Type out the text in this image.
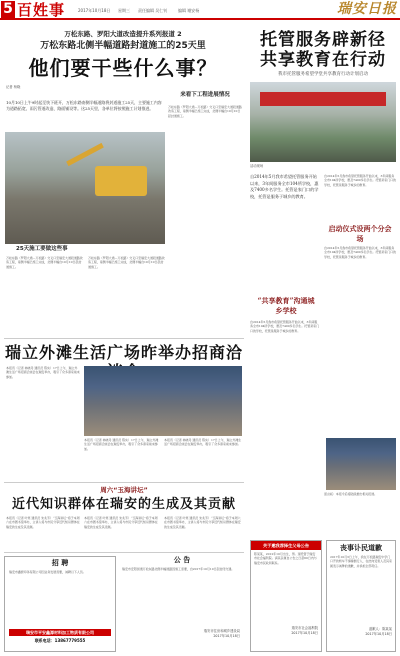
5 百姓事	2017年10月18日 星期三 责任编辑 吴仁钊	编辑 谢安杨	瑞安日报
万松东路、罗阳大道改造提升系列报道 2
万松东路北侧半幅道路封道施工的25天里
他们要干些什么事？
记者 杨晓
10月10日上午9时起至快下班开，万松东路南侧半幅道路将封道施工25天，主要施工内容为道路拓宽、雨污管道改造、路面铺设等。这25天里，各单位将按照施工计划推进。
25天施工要做这些事
万松东路（罗阳大道—万松路）交叉口至瑞安大道段道路改造工程，南侧半幅已施工完成，北侧半幅自10月10日起封道施工。
万松东路（罗阳大道—万松路）交叉口至瑞安大道段道路改造工程，南侧半幅已施工完成，北侧半幅自10月10日起封道施工。
来看下工程进展情况
万松东路（罗阳大道—万松路）交叉口至瑞安大道段道路改造工程，南侧半幅已施工完成，北侧半幅自10月10日起封道施工。
瑞立外滩生活广场昨举办招商洽
本报讯（记者 林晓丹 通讯员 陈实）17日上午，瑞立外滩生活广场招商洽谈会在瑞安举办，吸引了众多商家前来参加。
本报讯（记者 林晓丹 通讯员 陈实）17日上午，瑞立外滩生活广场招商洽谈会在瑞安举办，吸引了众多商家前来参加。
本报讯（记者 林晓丹 通讯员 陈实）17日上午，瑞立外滩生活广场招商洽谈会在瑞安举办，吸引了众多商家前来参加。
周六“玉海讲坛”
近代知识群体在瑞安的生成及其贡献
本报讯（记者 叶寒 通讯员 朱兆芳）“玉海讲坛”将于本周六在市图书馆举办，主讲人将与市民分享近代知识群体在瑞安的生成及其贡献。
本报讯（记者 叶寒 通讯员 朱兆芳）“玉海讲坛”将于本周六在市图书馆举办，主讲人将与市民分享近代知识群体在瑞安的生成及其贡献。
本报讯（记者 叶寒 通讯员 朱兆芳）“玉海讲坛”将于本周六在市图书馆举办，主讲人将与市民分享近代知识群体在瑞安的生成及其贡献。
招 聘
瑞安市鑫源印务有限公司因业务发展需要，诚聘以下人员。
瑞安市平安鑫源材料加工物质有限公司
联系电话：13867779555
公 告
瑞安市安阳街道万松东路北侧半幅道路因施工需要，自2017年10月10日起封闭交通。
瑞安市住房和城乡建设局
2017年10月18日
托管服务辟新径
共享教育在行动
我市托管服务希望学堂共享教育行动计划启动
活动现场
自2014年5月我市希望托管服务开始以来，3年间服务全市104所学校，惠及7400多名学生。托管是家门口的学校，托管是服务于城乡的教育。
“共享教育”沟通城乡学校
自2014年5月我市希望托管服务开始以来，3年间服务全市104所学校，惠及7400多名学生。托管是家门口的学校，托管是服务于城乡的教育。
自2014年5月我市希望托管服务开始以来，3年间服务全市104所学校，惠及7400多名学生。托管是家门口的学校，托管是服务于城乡的教育。
启动仪式设两个分会场
自2014年5月我市希望托管服务开始以来，3年间服务全市104所学校，惠及7400多名学生。托管是家门口的学校，托管是服务于城乡的教育。
留言板：本报今后将陆续推出相关报道。
关于邀我荐择生父母公告
陈某某，2012年10月出生，男。现托管于瑞安市社会福利院。请其亲属自公告之日起60日内与瑞安市民政局联系。
瑞安市社会福利院
2017年10月18日
丧事讣民道歉
2017年10月3日上午，我在万松路瑞安中学门口开的轿车不慎撞倒行人，在此向受害人及其家属表示诚挚的道歉，并承担全部责任。
道歉人：陈某某
2017年10月18日
